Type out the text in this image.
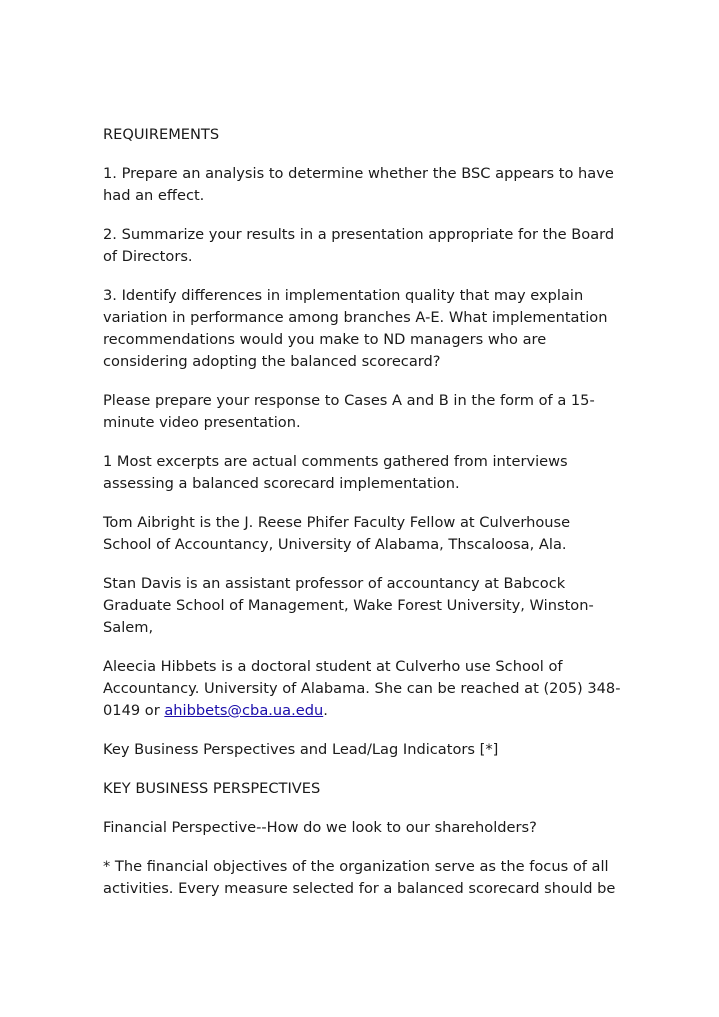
REQUIREMENTS

1. Prepare an analysis to determine whether the BSC appears to have had an effect.

2. Summarize your results in a presentation appropriate for the Board of Directors.

3. Identify differences in implementation quality that may explain variation in performance among branches A-E. What implementation recommendations would you make to ND managers who are considering adopting the balanced scorecard?

Please prepare your response to Cases A and B in the form of a 15-minute video presentation.

1 Most excerpts are actual comments gathered from interviews assessing a balanced scorecard implementation.

Tom Aibright is the J. Reese Phifer Faculty Fellow at Culverhouse School of Accountancy, University of Alabama, Thscaloosa, Ala.

Stan Davis is an assistant professor of accountancy at Babcock Graduate School of Management, Wake Forest University, Winston-Salem,

Aleecia Hibbets is a doctoral student at Culverho use School of Accountancy. University of Alabama. She can be reached at (205) 348-0149 or ahibbets@cba.ua.edu.

Key Business Perspectives and Lead/Lag Indicators [*]

KEY BUSINESS PERSPECTIVES

Financial Perspective--How do we look to our shareholders?

* The financial objectives of the organization serve as the focus of all activities. Every measure selected for a balanced scorecard should be
